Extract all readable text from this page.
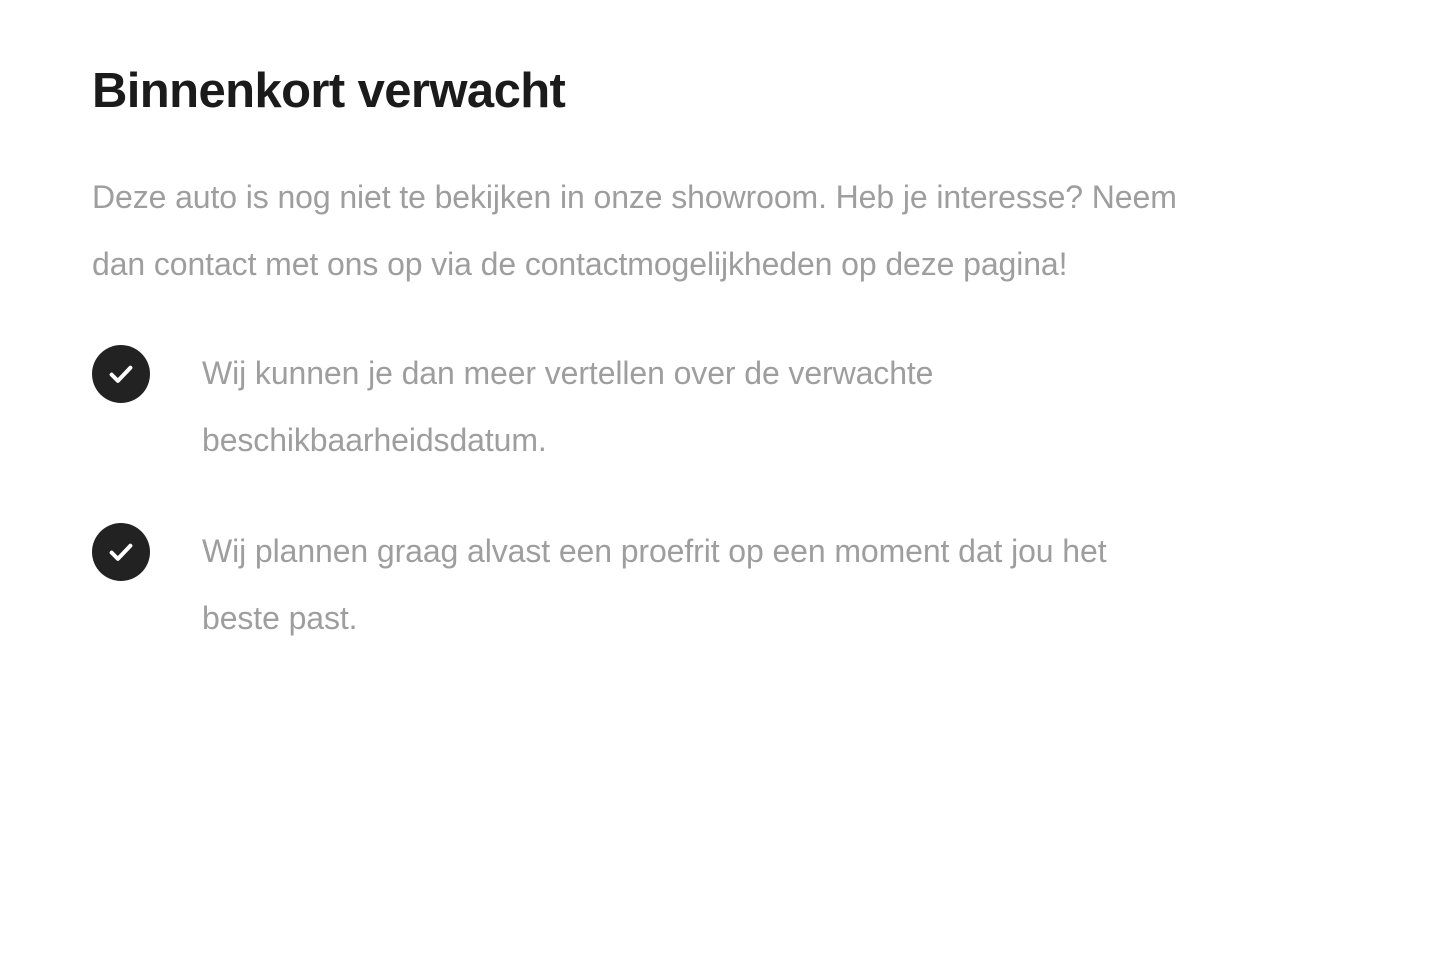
Binnenkort verwacht

Deze auto is nog niet te bekijken in onze showroom. Heb je interesse? Neem dan contact met ons op via de contactmogelijkheden op deze pagina!

Wij kunnen je dan meer vertellen over de verwachte beschikbaarheidsdatum.
Wij plannen graag alvast een proefrit op een moment dat jou het beste past.
